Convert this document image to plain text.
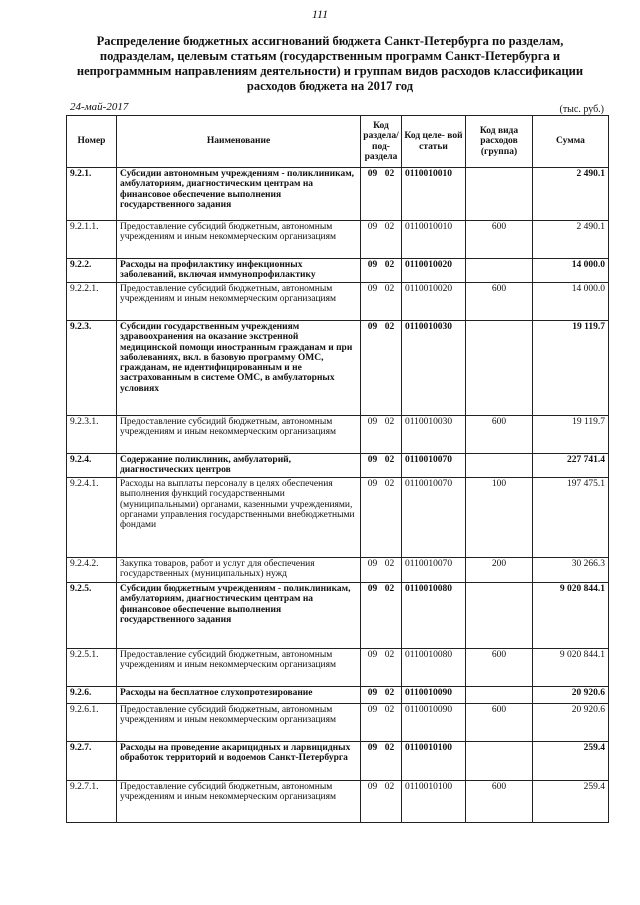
111
Распределение бюджетных ассигнований бюджета Санкт-Петербурга по разделам, подразделам, целевым статьям (государственным программ Санкт-Петербурга и непрограммным направлениям деятельности) и группам видов расходов классификации расходов бюджета на 2017 год
24-май-2017	(тыс. руб.)
Номер	Наименование	Код раздела/ под- раздела	Код целе- вой статьи	Код вида расходов (группа)	Сумма
9.2.1.	Субсидии автономным учреждениям - поликлиникам, амбулаториям, диагностическим центрам на финансовое обеспечение выполнения государственного задания	09 02	0110010010		2 490.1
9.2.1.1.	Предоставление субсидий бюджетным, автономным учреждениям и иным некоммерческим организациям	09 02	0110010010	600	2 490.1
9.2.2.	Расходы на профилактику инфекционных заболеваний, включая иммунопрофилактику	09 02	0110010020		14 000.0
9.2.2.1.	Предоставление субсидий бюджетным, автономным учреждениям и иным некоммерческим организациям	09 02	0110010020	600	14 000.0
9.2.3.	Субсидии государственным учреждениям здравоохранения на оказание экстренной медицинской помощи иностранным гражданам и при заболеваниях, вкл. в базовую программу ОМС, гражданам, не идентифицированным и не застрахованным в системе ОМС, в амбулаторных условиях	09 02	0110010030		19 119.7
9.2.3.1.	Предоставление субсидий бюджетным, автономным учреждениям и иным некоммерческим организациям	09 02	0110010030	600	19 119.7
9.2.4.	Содержание поликлиник, амбулаторий, диагностических центров	09 02	0110010070		227 741.4
9.2.4.1.	Расходы на выплаты персоналу в целях обеспечения выполнения функций государственными (муниципальными) органами, казенными учреждениями, органами управления государственными внебюджетными фондами	09 02	0110010070	100	197 475.1
9.2.4.2.	Закупка товаров, работ и услуг для обеспечения государственных (муниципальных) нужд	09 02	0110010070	200	30 266.3
9.2.5.	Субсидии бюджетным учреждениям - поликлиникам, амбулаториям, диагностическим центрам на финансовое обеспечение выполнения государственного задания	09 02	0110010080		9 020 844.1
9.2.5.1.	Предоставление субсидий бюджетным, автономным учреждениям и иным некоммерческим организациям	09 02	0110010080	600	9 020 844.1
9.2.6.	Расходы на бесплатное слухопротезирование	09 02	0110010090		20 920.6
9.2.6.1.	Предоставление субсидий бюджетным, автономным учреждениям и иным некоммерческим организациям	09 02	0110010090	600	20 920.6
9.2.7.	Расходы на проведение акарицидных и ларвицидных обработок территорий и водоемов Санкт-Петербурга	09 02	0110010100		259.4
9.2.7.1.	Предоставление субсидий бюджетным, автономным учреждениям и иным некоммерческим организациям	09 02	0110010100	600	259.4
